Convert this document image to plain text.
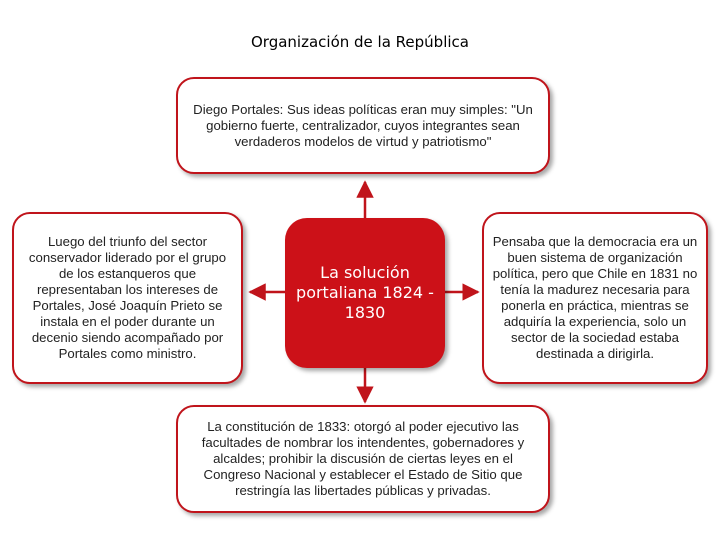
Organización de la República
Diego Portales: Sus ideas políticas eran muy simples: "Un gobierno fuerte, centralizador, cuyos integrantes sean verdaderos modelos de virtud y patriotismo"
Luego del triunfo del sector conservador liderado por el grupo de los estanqueros que representaban los intereses de Portales, José Joaquín Prieto se instala en el poder durante un decenio siendo acompañado por Portales como ministro.
La solución portaliana 1824 - 1830
Pensaba que la democracia era un buen sistema de organización política, pero que Chile en 1831 no tenía la madurez necesaria para ponerla en práctica, mientras se adquiría la experiencia, solo un sector de la sociedad estaba destinada a dirigirla.
La constitución de 1833: otorgó al poder ejecutivo las facultades de nombrar los intendentes, gobernadores y alcaldes; prohibir la discusión de ciertas leyes en el Congreso Nacional y establecer el Estado de Sitio que restringía las libertades públicas y privadas.
